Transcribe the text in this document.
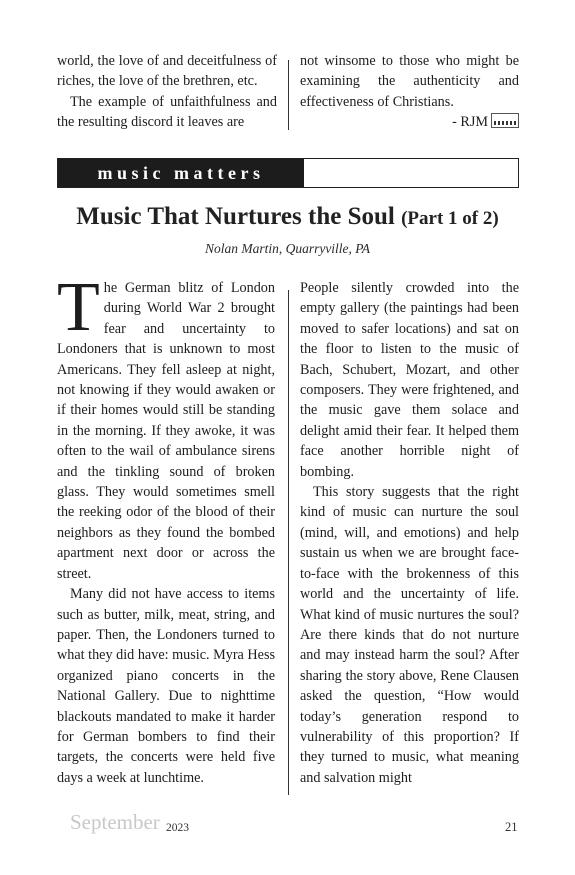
world, the love of and deceitfulness of riches, the love of the brethren, etc.

The example of unfaithfulness and the resulting discord it leaves are

not winsome to those who might be examining the authenticity and effectiveness of Christians.

- RJM

music matters
Music That Nurtures the Soul (Part 1 of 2)
Nolan Martin, Quarryville, PA

The German blitz of London during World War 2 brought fear and uncertainty to Londoners that is unknown to most Americans. They fell asleep at night, not knowing if they would awaken or if their homes would still be standing in the morning. If they awoke, it was often to the wail of ambulance sirens and the tinkling sound of broken glass. They would sometimes smell the reeking odor of the blood of their neighbors as they found the bombed apartment next door or across the street.

Many did not have access to items such as butter, milk, meat, string, and paper. Then, the Londoners turned to what they did have: music. Myra Hess organized piano concerts in the National Gallery. Due to nighttime blackouts mandated to make it harder for German bombers to find their targets, the concerts were held five days a week at lunchtime.

People silently crowded into the empty gallery (the paintings had been moved to safer locations) and sat on the floor to listen to the music of Bach, Schubert, Mozart, and other composers. They were frightened, and the music gave them solace and delight amid their fear. It helped them face another horrible night of bombing.

This story suggests that the right kind of music can nurture the soul (mind, will, and emotions) and help sustain us when we are brought face-to-face with the brokenness of this world and the uncertainty of life. What kind of music nurtures the soul? Are there kinds that do not nurture and may instead harm the soul? After sharing the story above, Rene Clausen asked the question, “How would today’s generation respond to vulnerability of this proportion? If they turned to music, what meaning and salvation might

September 2023	21
